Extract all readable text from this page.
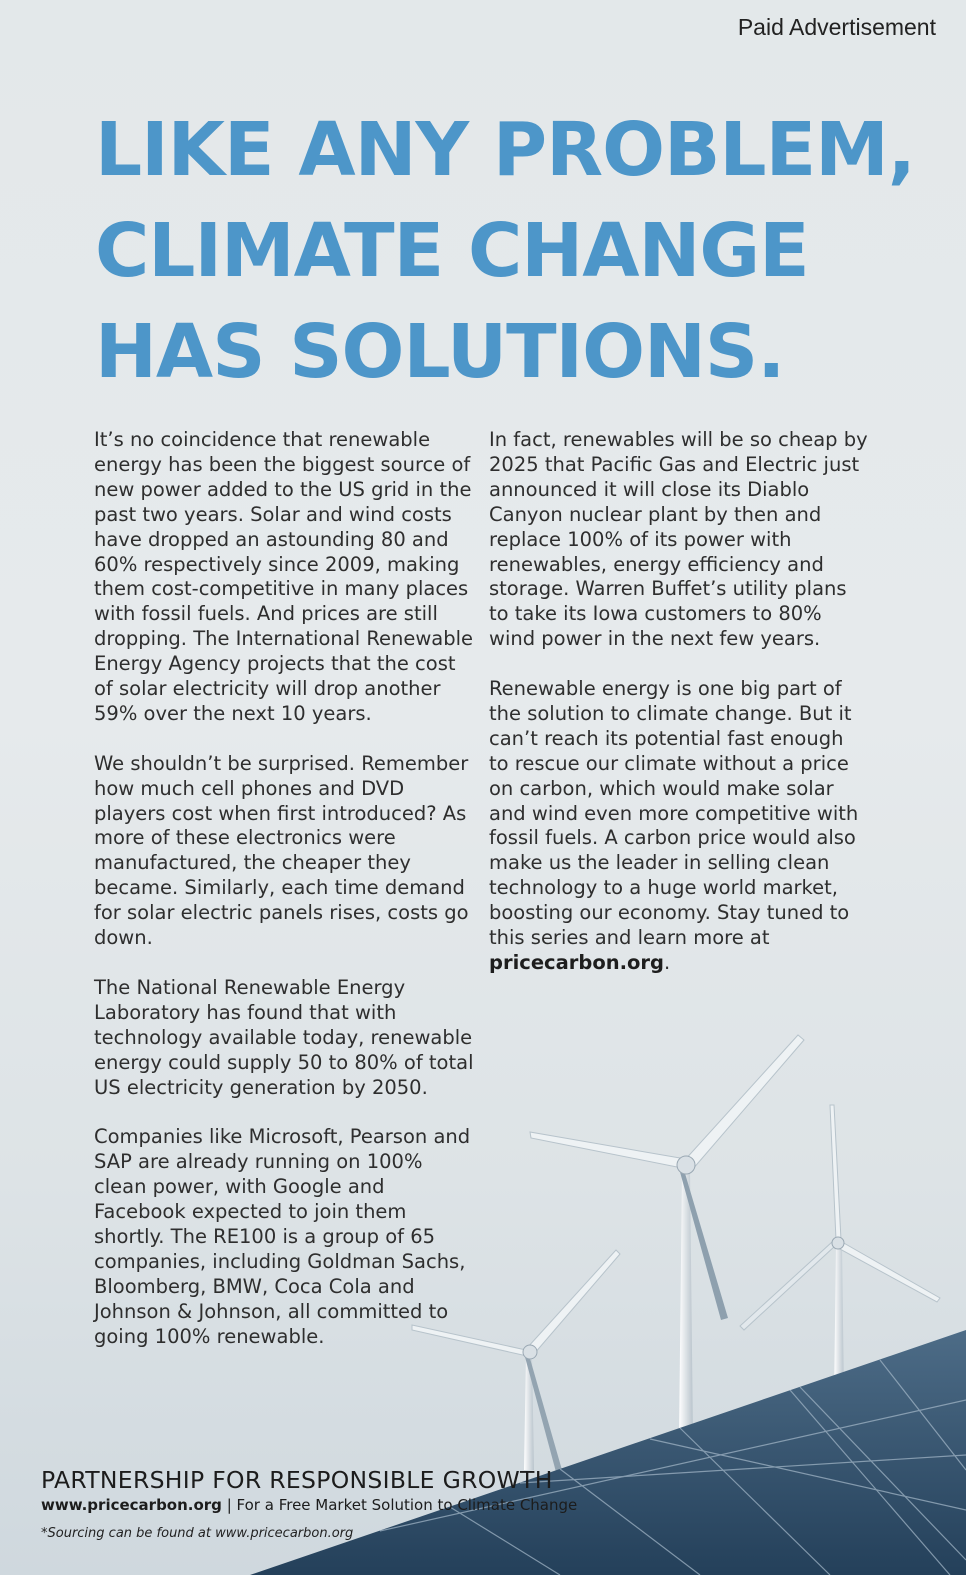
Paid Advertisement
LIKE ANY PROBLEM,
CLIMATE CHANGE
HAS SOLUTIONS.

It’s no coincidence that renewable energy has been the biggest source of new power added to the US grid in the past two years. Solar and wind costs have dropped an astounding 80 and 60% respectively since 2009, making them cost-competitive in many places with fossil fuels. And prices are still dropping. The International Renewable Energy Agency projects that the cost of solar electricity will drop another 59% over the next 10 years.

We shouldn’t be surprised. Remember how much cell phones and DVD players cost when first introduced? As more of these electronics were manufactured, the cheaper they became. Similarly, each time demand for solar electric panels rises, costs go down.

The National Renewable Energy Laboratory has found that with technology available today, renewable energy could supply 50 to 80% of total US electricity generation by 2050.

Companies like Microsoft, Pearson and SAP are already running on 100% clean power, with Google and Facebook expected to join them shortly. The RE100 is a group of 65 companies, including Goldman Sachs, Bloomberg, BMW, Coca Cola and Johnson & Johnson, all committed to going 100% renewable.

In fact, renewables will be so cheap by 2025 that Pacific Gas and Electric just announced it will close its Diablo Canyon nuclear plant by then and replace 100% of its power with renewables, energy efficiency and storage. Warren Buffet’s utility plans to take its Iowa customers to 80% wind power in the next few years.

Renewable energy is one big part of the solution to climate change. But it can’t reach its potential fast enough to rescue our climate without a price on carbon, which would make solar and wind even more competitive with fossil fuels. A carbon price would also make us the leader in selling clean technology to a huge world market, boosting our economy. Stay tuned to this series and learn more at pricecarbon.org.

PARTNERSHIP FOR RESPONSIBLE GROWTH
www.pricecarbon.org | For a Free Market Solution to Climate Change
*Sourcing can be found at www.pricecarbon.org
